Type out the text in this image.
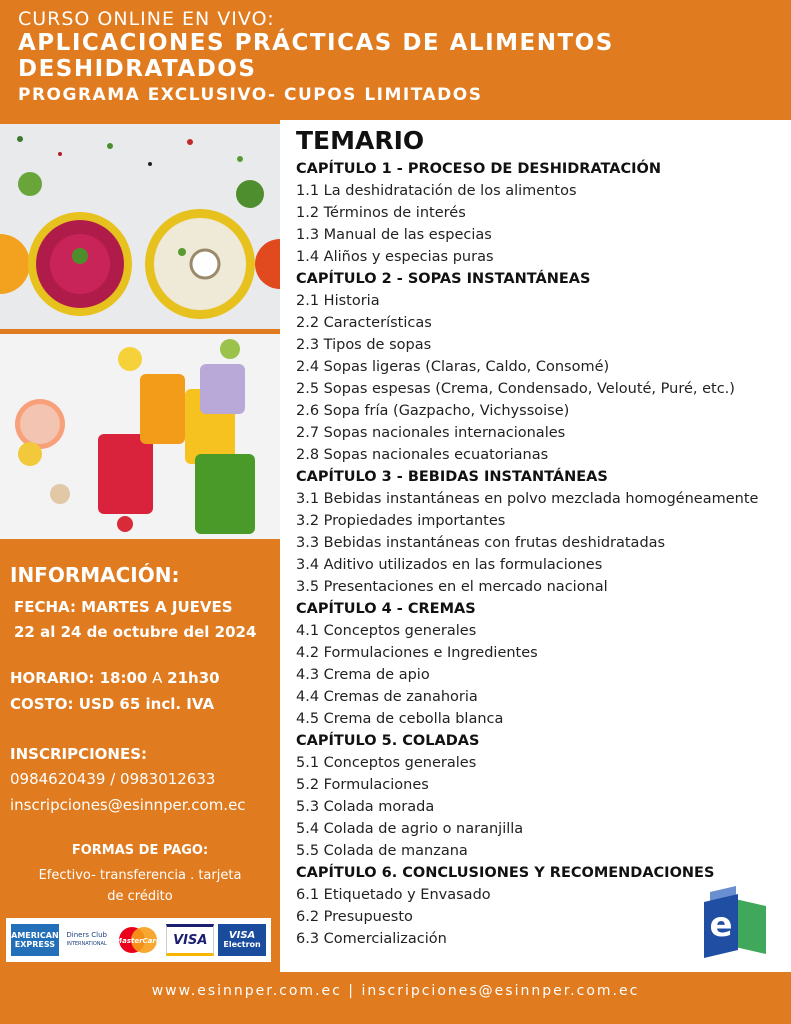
CURSO ONLINE EN VIVO:
APLICACIONES PRÁCTICAS DE ALIMENTOS
DESHIDRATADOS
PROGRAMA EXCLUSIVO- CUPOS LIMITADOS
TEMARIO
CAPÍTULO 1 - PROCESO DE DESHIDRATACIÓN
1.1 La deshidratación de los alimentos
1.2 Términos de interés
1.3 Manual de las especias
1.4 Aliños y especias puras
CAPÍTULO 2 - SOPAS INSTANTÁNEAS
2.1 Historia
2.2 Características
2.3 Tipos de sopas
2.4 Sopas ligeras (Claras, Caldo, Consomé)
2.5 Sopas espesas (Crema, Condensado, Velouté, Puré, etc.)
2.6 Sopa fría (Gazpacho, Vichyssoise)
2.7 Sopas nacionales internacionales
2.8 Sopas nacionales ecuatorianas
CAPÍTULO 3 - BEBIDAS INSTANTÁNEAS
3.1 Bebidas instantáneas en polvo mezclada homogéneamente
3.2 Propiedades importantes
3.3 Bebidas instantáneas con frutas deshidratadas
3.4 Aditivo utilizados en las formulaciones
3.5 Presentaciones en el mercado nacional
CAPÍTULO 4 - CREMAS
4.1 Conceptos generales
4.2 Formulaciones e Ingredientes
4.3 Crema de apio
4.4 Cremas de zanahoria
4.5 Crema de cebolla blanca
CAPÍTULO 5. COLADAS
5.1 Conceptos generales
5.2 Formulaciones
5.3 Colada morada
5.4 Colada de agrio o naranjilla
5.5 Colada de manzana
CAPÍTULO 6. CONCLUSIONES Y RECOMENDACIONES
6.1 Etiquetado y Envasado
6.2 Presupuesto
6.3 Comercialización
INFORMACIÓN:
FECHA: MARTES A JUEVES
22 al 24 de octubre del 2024
HORARIO: 18:00 A 21h30
COSTO: USD 65 incl. IVA
INSCRIPCIONES:
0984620439 / 0983012633
inscripciones@esinnper.com.ec
FORMAS DE PAGO:
Efectivo- transferencia . tarjeta
de crédito
AMERICAN
EXPRESS
Diners Club
INTERNATIONAL MasterCard VISA	VISA
Electron	e
www.esinnper.com.ec | inscripciones@esinnper.com.ec
